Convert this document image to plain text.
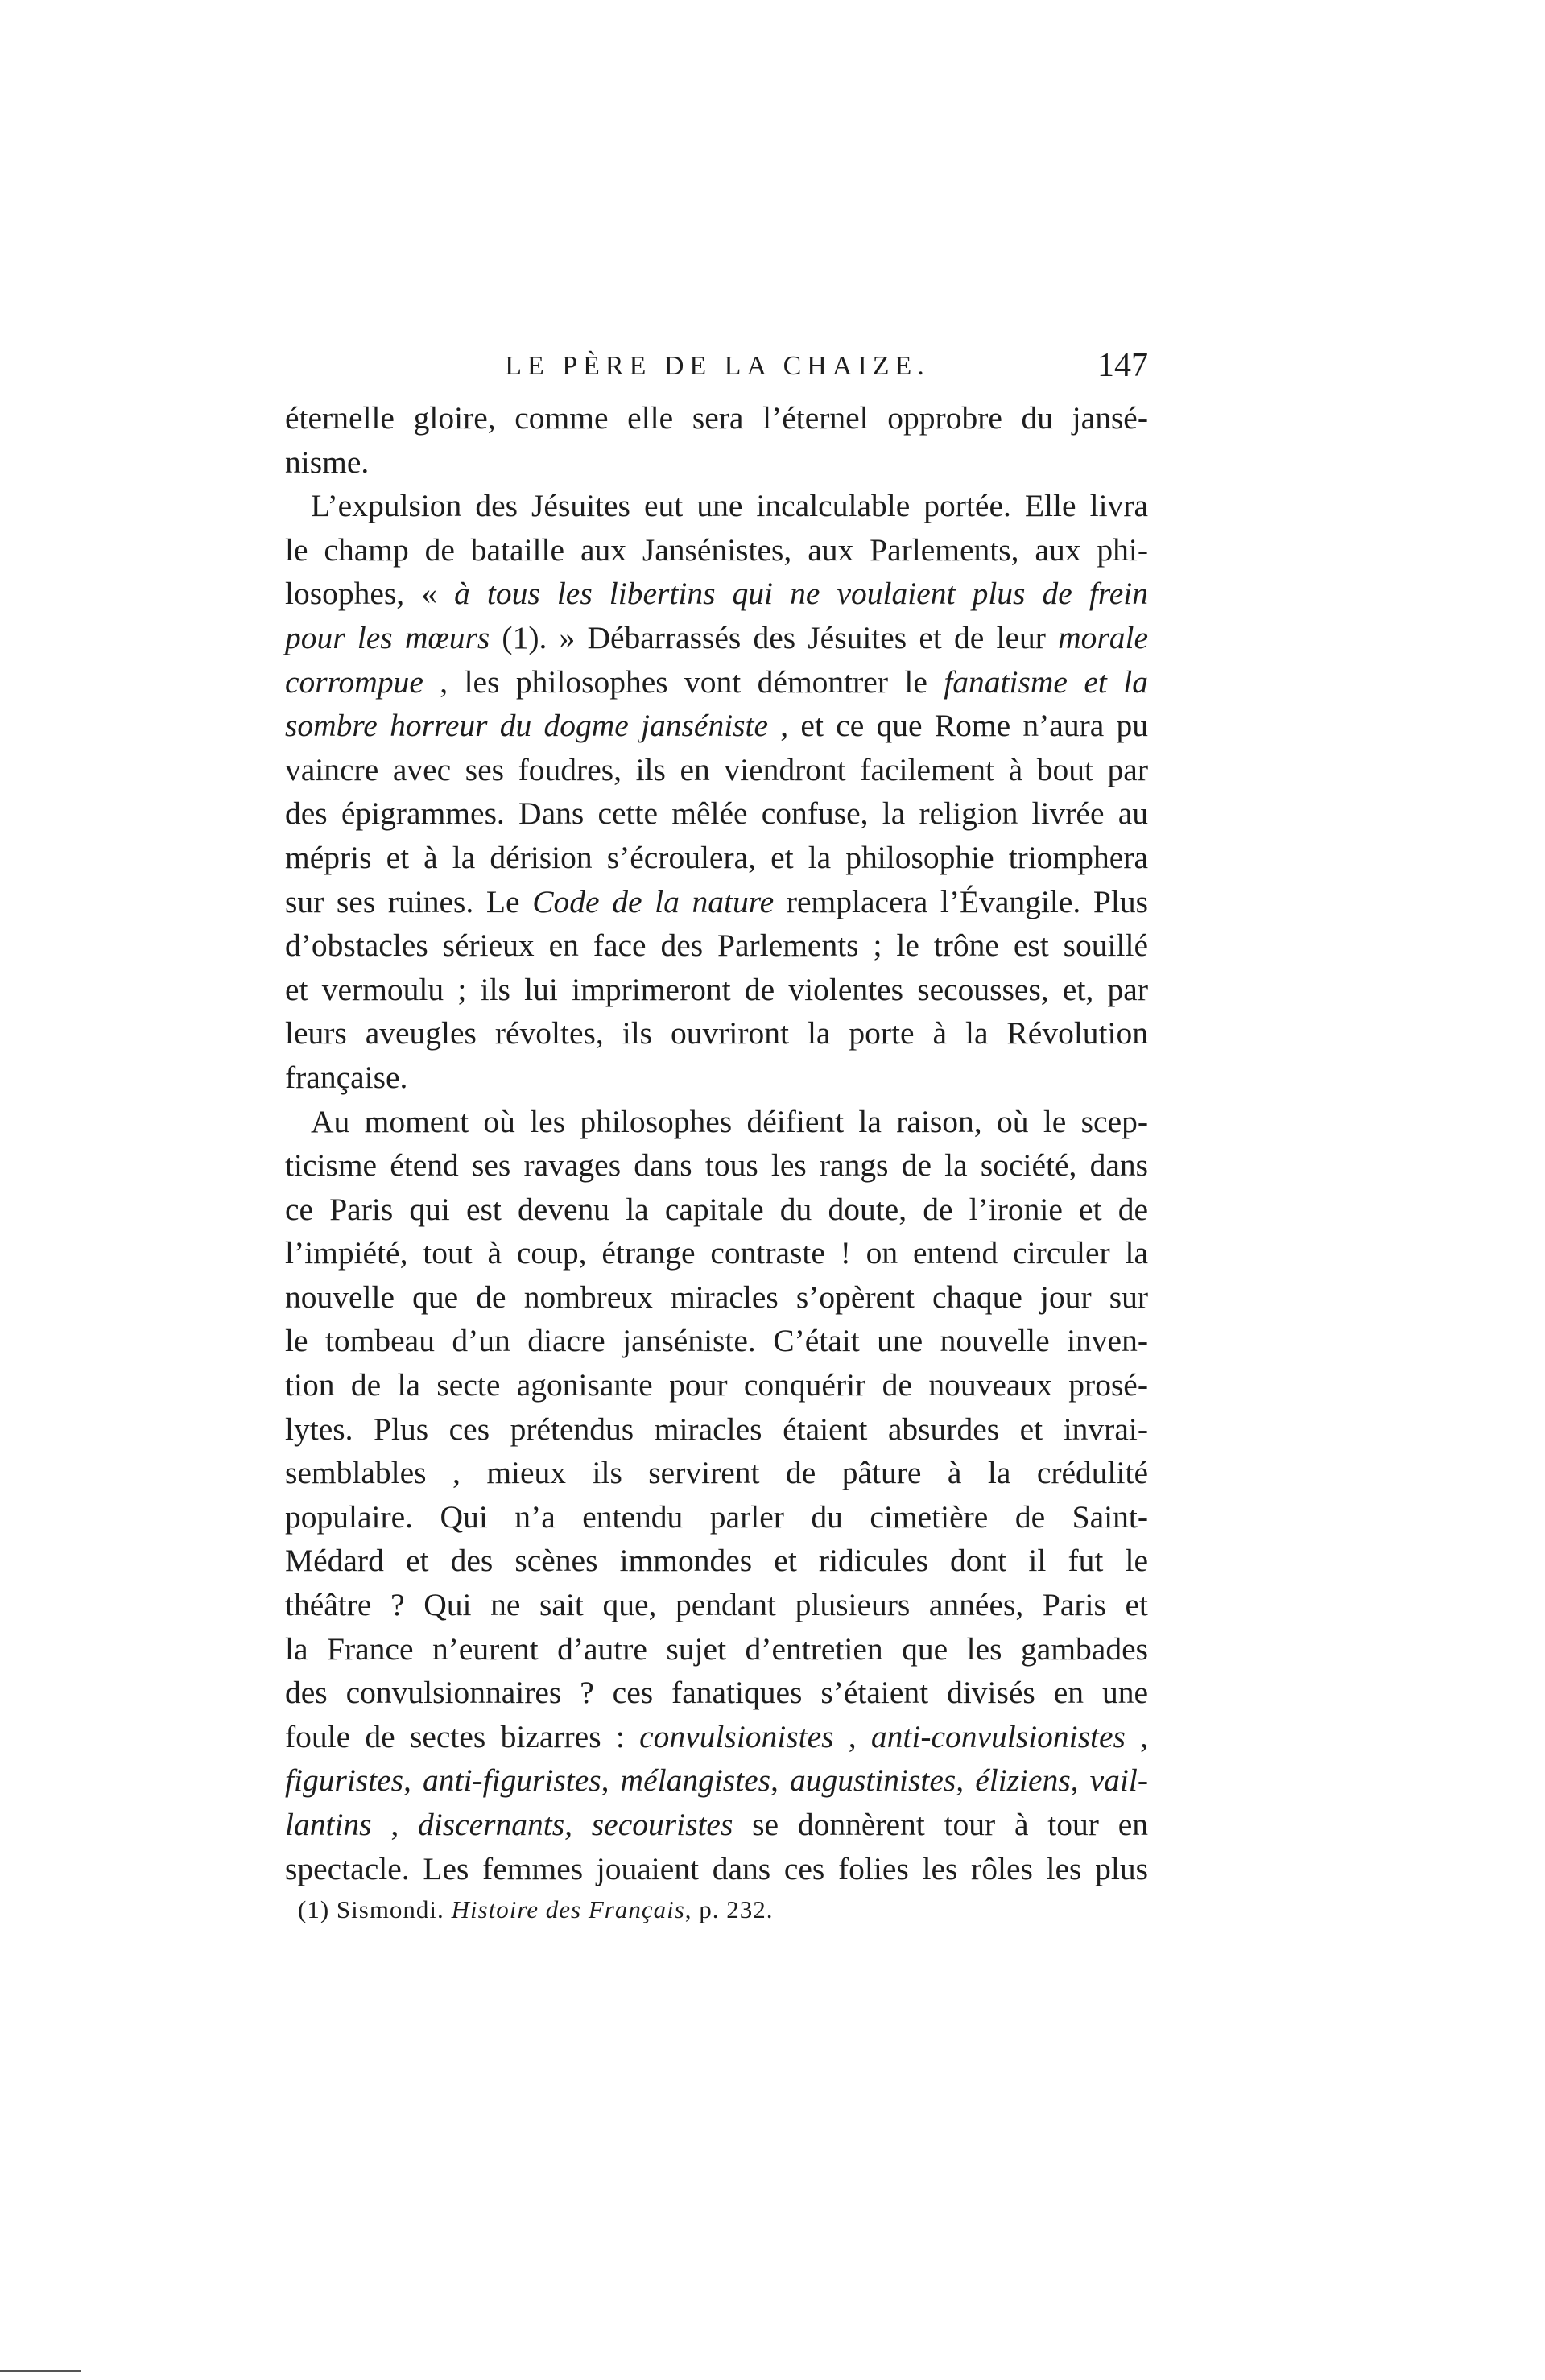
LE PÈRE DE LA CHAIZE.	147
éternelle gloire, comme elle sera l’éternel opprobre du jansé-
nisme.
L’expulsion des Jésuites eut une incalculable portée. Elle livra
le champ de bataille aux Jansénistes, aux Parlements, aux phi-
losophes, « à tous les libertins qui ne voulaient plus de frein
pour les mœurs (1). » Débarrassés des Jésuites et de leur morale
corrompue , les philosophes vont démontrer le fanatisme et la
sombre horreur du dogme janséniste , et ce que Rome n’aura pu
vaincre avec ses foudres, ils en viendront facilement à bout par
des épigrammes. Dans cette mêlée confuse, la religion livrée au
mépris et à la dérision s’écroulera, et la philosophie triomphera
sur ses ruines. Le Code de la nature remplacera l’Évangile. Plus
d’obstacles sérieux en face des Parlements ; le trône est souillé
et vermoulu ; ils lui imprimeront de violentes secousses, et, par
leurs aveugles révoltes, ils ouvriront la porte à la Révolution
française.
Au moment où les philosophes déifient la raison, où le scep-
ticisme étend ses ravages dans tous les rangs de la société, dans
ce Paris qui est devenu la capitale du doute, de l’ironie et de
l’impiété, tout à coup, étrange contraste ! on entend circuler la
nouvelle que de nombreux miracles s’opèrent chaque jour sur
le tombeau d’un diacre janséniste. C’était une nouvelle inven-
tion de la secte agonisante pour conquérir de nouveaux prosé-
lytes. Plus ces prétendus miracles étaient absurdes et invrai-
semblables , mieux ils servirent de pâture à la crédulité
populaire. Qui n’a entendu parler du cimetière de Saint-
Médard et des scènes immondes et ridicules dont il fut le
théâtre ? Qui ne sait que, pendant plusieurs années, Paris et
la France n’eurent d’autre sujet d’entretien que les gambades
des convulsionnaires ? ces fanatiques s’étaient divisés en une
foule de sectes bizarres : convulsionistes , anti-convulsionistes ,
figuristes, anti-figuristes, mélangistes, augustinistes, éliziens, vail-
lantins , discernants, secouristes se donnèrent tour à tour en
spectacle. Les femmes jouaient dans ces folies les rôles les plus
(1) Sismondi. Histoire des Français, p. 232.
